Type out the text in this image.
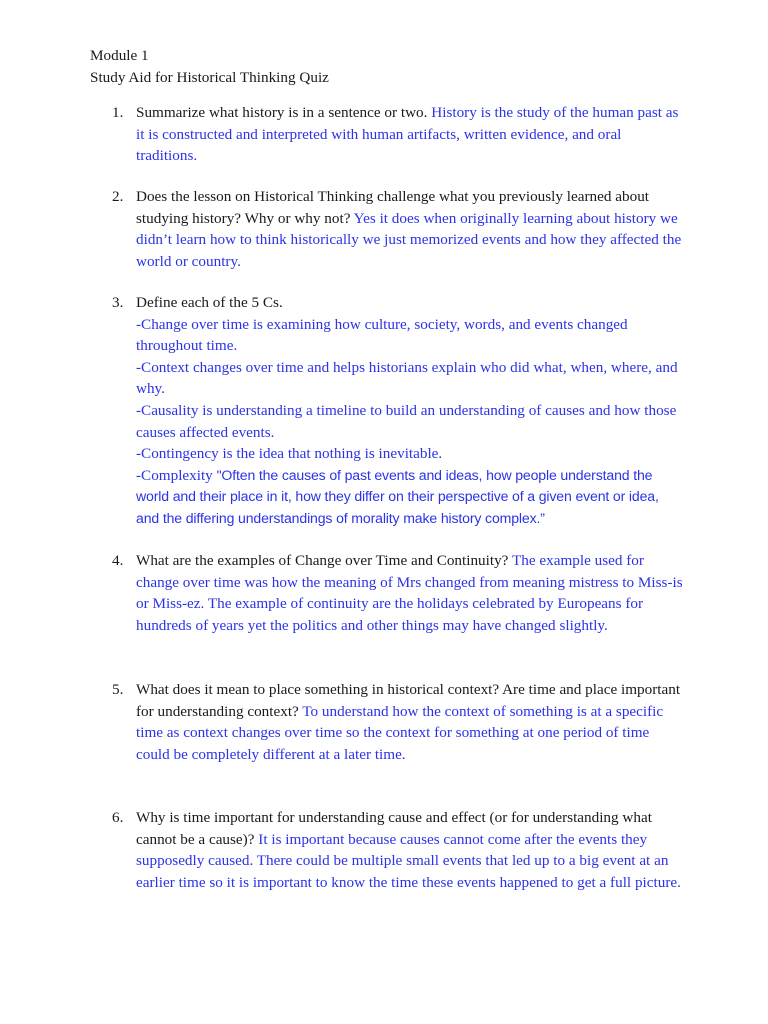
Module 1
Study Aid for Historical Thinking Quiz
1. Summarize what history is in a sentence or two. History is the study of the human past as it is constructed and interpreted with human artifacts, written evidence, and oral traditions.
2. Does the lesson on Historical Thinking challenge what you previously learned about studying history? Why or why not? Yes it does when originally learning about history we didn’t learn how to think historically we just memorized events and how they affected the world or country.
3. Define each of the 5 Cs.
-Change over time is examining how culture, society, words, and events changed throughout time.
-Context changes over time and helps historians explain who did what, when, where, and why.
-Causality is understanding a timeline to build an understanding of causes and how those causes affected events.
-Contingency is the idea that nothing is inevitable.
-Complexity "Often the causes of past events and ideas, how people understand the world and their place in it, how they differ on their perspective of a given event or idea, and the differing understandings of morality make history complex.”
4. What are the examples of Change over Time and Continuity? The example used for change over time was how the meaning of Mrs changed from meaning mistress to Miss-is or Miss-ez. The example of continuity are the holidays celebrated by Europeans for hundreds of years yet the politics and other things may have changed slightly.
5. What does it mean to place something in historical context? Are time and place important for understanding context? To understand how the context of something is at a specific time as context changes over time so the context for something at one period of time could be completely different at a later time.
6. Why is time important for understanding cause and effect (or for understanding what cannot be a cause)? It is important because causes cannot come after the events they supposedly caused. There could be multiple small events that led up to a big event at an earlier time so it is important to know the time these events happened to get a full picture.
